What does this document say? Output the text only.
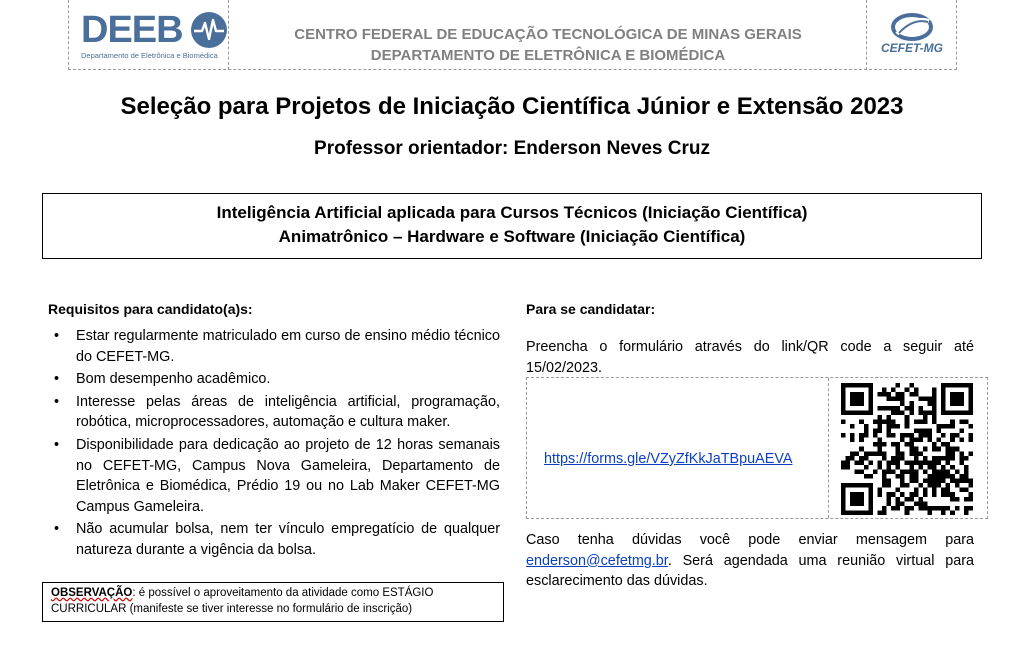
DEEB
Departamento de Eletrônica e Biomédica
CENTRO FEDERAL DE EDUCAÇÃO TECNOLÓGICA DE MINAS GERAIS
DEPARTAMENTO DE ELETRÔNICA E BIOMÉDICA	CEFET-MG
Seleção para Projetos de Iniciação Científica Júnior e Extensão 2023
Professor orientador: Enderson Neves Cruz
Inteligência Artificial aplicada para Cursos Técnicos (Iniciação Científica)
Animatrônico – Hardware e Software (Iniciação Científica)
Requisitos para candidato(a)s:
• Estar regularmente matriculado em curso de ensino médio técnico do CEFET-MG.
• Bom desempenho acadêmico.
• Interesse pelas áreas de inteligência artificial, programação, robótica, microprocessadores, automação e cultura maker.
• Disponibilidade para dedicação ao projeto de 12 horas semanais no CEFET-MG, Campus Nova Gameleira, Departamento de Eletrônica e Biomédica, Prédio 19 ou no Lab Maker CEFET-MG Campus Gameleira.
• Não acumular bolsa, nem ter vínculo empregatício de qualquer natureza durante a vigência da bolsa.
OBSERVAÇÃO: é possível o aproveitamento da atividade como ESTÁGIO CURRICULAR (manifeste se tiver interesse no formulário de inscrição)
Para se candidatar:
Preencha o formulário através do link/QR code a seguir até 15/02/2023.
https://forms.gle/VZyZfKkJaTBpuAEVA
Caso tenha dúvidas você pode enviar mensagem para enderson@cefetmg.br. Será agendada uma reunião virtual para esclarecimento das dúvidas.
